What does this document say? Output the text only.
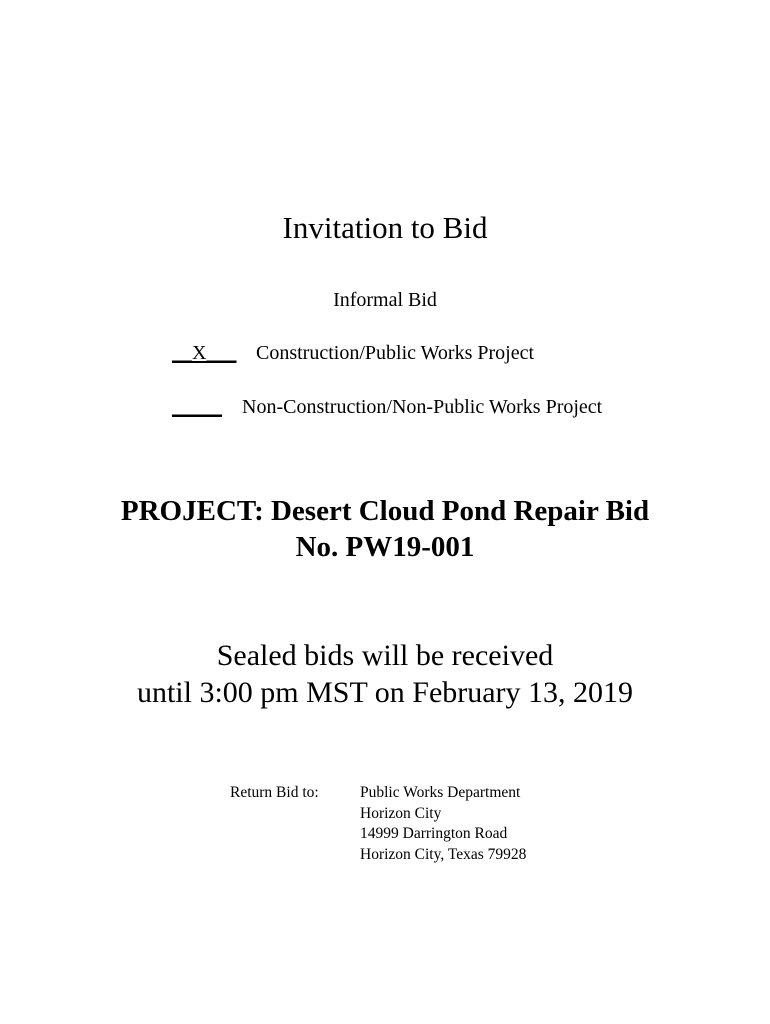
Invitation to Bid
Informal Bid
__X___ Construction/Public Works Project
_____ Non-Construction/Non-Public Works Project
PROJECT: Desert Cloud Pond Repair Bid
No. PW19-001
Sealed bids will be received
until 3:00 pm MST on February 13, 2019
Return Bid to:	Public Works Department
Horizon City
14999 Darrington Road
Horizon City, Texas 79928
